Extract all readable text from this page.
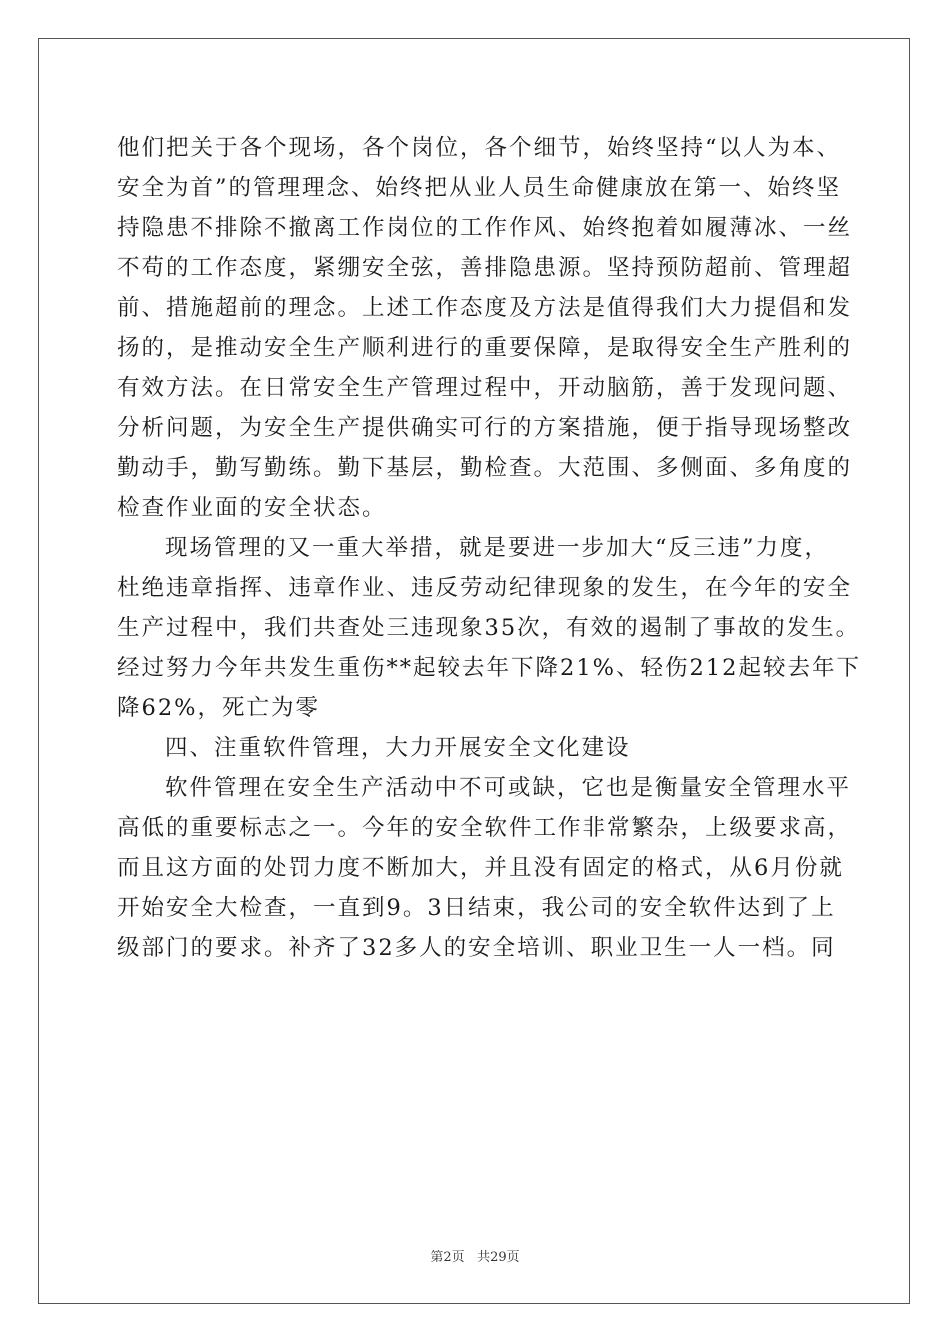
他们把关于各个现场，各个岗位，各个细节，始终坚持“以人为本、
安全为首”的管理理念、始终把从业人员生命健康放在第一、始终坚
持隐患不排除不撤离工作岗位的工作作风、始终抱着如履薄冰、一丝
不苟的工作态度，紧绷安全弦，善排隐患源。坚持预防超前、管理超
前、措施超前的理念。上述工作态度及方法是值得我们大力提倡和发
扬的，是推动安全生产顺利进行的重要保障，是取得安全生产胜利的
有效方法。在日常安全生产管理过程中，开动脑筋，善于发现问题、
分析问题，为安全生产提供确实可行的方案措施，便于指导现场整改
勤动手，勤写勤练。勤下基层，勤检查。大范围、多侧面、多角度的
检查作业面的安全状态。
现场管理的又一重大举措，就是要进一步加大“反三违”力度，
杜绝违章指挥、违章作业、违反劳动纪律现象的发生，在今年的安全
生产过程中，我们共查处三违现象35次，有效的遏制了事故的发生。
经过努力今年共发生重伤**起较去年下降21%、轻伤212起较去年下
降62%，死亡为零
四、注重软件管理，大力开展安全文化建设
软件管理在安全生产活动中不可或缺，它也是衡量安全管理水平
高低的重要标志之一。今年的安全软件工作非常繁杂，上级要求高，
而且这方面的处罚力度不断加大，并且没有固定的格式，从6月份就
开始安全大检查，一直到9。3日结束，我公司的安全软件达到了上
级部门的要求。补齐了32多人的安全培训、职业卫生一人一档。同
第2页 共29页
